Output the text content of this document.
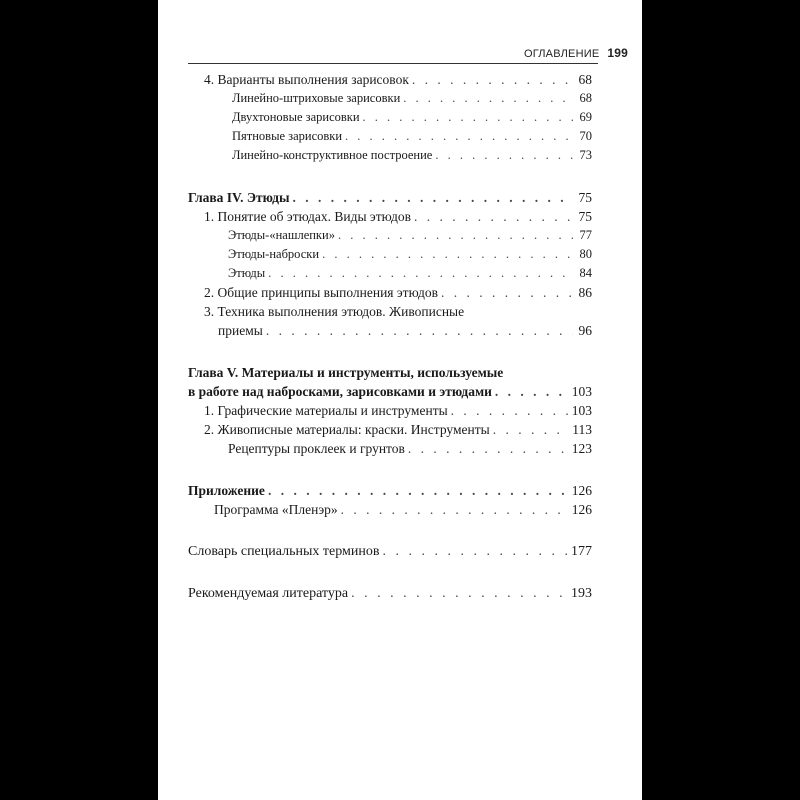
ОГЛАВЛЕНИЕ 199
4. Варианты выполнения зарисовок . . .	68
Линейно-штриховые зарисовки . . .	68
Двухтоновые зарисовки . . .	69
Пятновые зарисовки . . .	70
Линейно-конструктивное построение . . .	73
Глава IV. Этюды . . .	75
1. Понятие об этюдах. Виды этюдов . . .	75
Этюды-«нашлепки» . . .	77
Этюды-наброски . . .	80
Этюды . . .	84
2. Общие принципы выполнения этюдов . . .	86
3. Техника выполнения этюдов. Живописные
приемы . . .	96
Глава V. Материалы и инструменты, используемые
в работе над набросками, зарисовками и этюдами . . .	103
1. Графические материалы и инструменты . . .	103
2. Живописные материалы: краски. Инструменты . . .	113
Рецептуры проклеек и грунтов . . .	123
Приложение . . .	126
Программа «Пленэр» . . .	126
Словарь специальных терминов . . .	177
Рекомендуемая литература . . .	193
